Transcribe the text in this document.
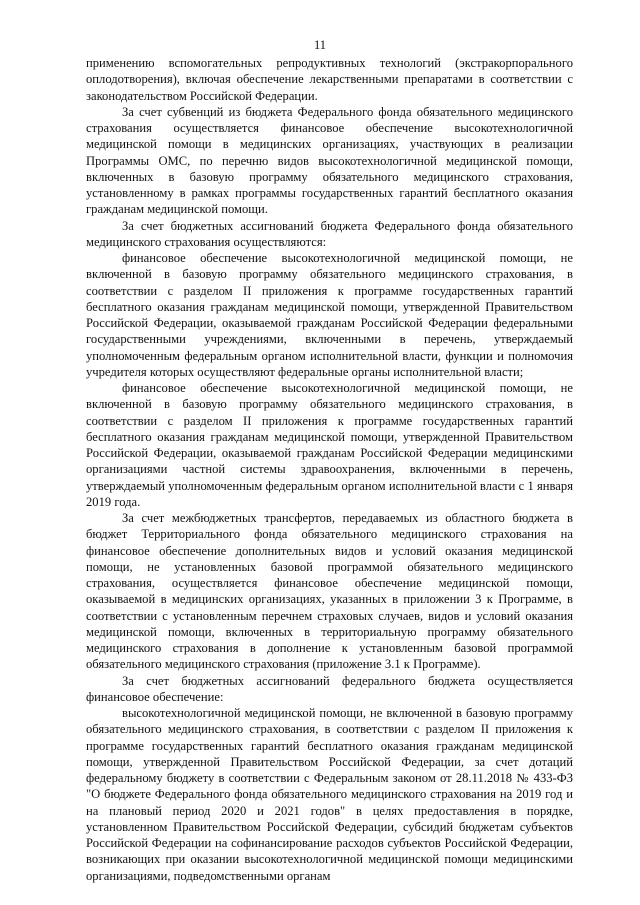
11

применению вспомогательных репродуктивных технологий (экстракорпорального оплодотворения), включая обеспечение лекарственными препаратами в соответствии с законодательством Российской Федерации.

За счет субвенций из бюджета Федерального фонда обязательного медицинского страхования осуществляется финансовое обеспечение высокотехнологичной медицинской помощи в медицинских организациях, участвующих в реализации Программы ОМС, по перечню видов высокотехнологичной медицинской помощи, включенных в базовую программу обязательного медицинского страхования, установленному в рамках программы государственных гарантий бесплатного оказания гражданам медицинской помощи.

За счет бюджетных ассигнований бюджета Федерального фонда обязательного медицинского страхования осуществляются:

финансовое обеспечение высокотехнологичной медицинской помощи, не включенной в базовую программу обязательного медицинского страхования, в соответствии с разделом II приложения к программе государственных гарантий бесплатного оказания гражданам медицинской помощи, утвержденной Правительством Российской Федерации, оказываемой гражданам Российской Федерации федеральными государственными учреждениями, включенными в перечень, утверждаемый уполномоченным федеральным органом исполнительной власти, функции и полномочия учредителя которых осуществляют федеральные органы исполнительной власти;

финансовое обеспечение высокотехнологичной медицинской помощи, не включенной в базовую программу обязательного медицинского страхования, в соответствии с разделом II приложения к программе государственных гарантий бесплатного оказания гражданам медицинской помощи, утвержденной Правительством Российской Федерации, оказываемой гражданам Российской Федерации медицинскими организациями частной системы здравоохранения, включенными в перечень, утверждаемый уполномоченным федеральным органом исполнительной власти с 1 января 2019 года.

За счет межбюджетных трансфертов, передаваемых из областного бюджета в бюджет Территориального фонда обязательного медицинского страхования на финансовое обеспечение дополнительных видов и условий оказания медицинской помощи, не установленных базовой программой обязательного медицинского страхования, осуществляется финансовое обеспечение медицинской помощи, оказываемой в медицинских организациях, указанных в приложении 3 к Программе, в соответствии с установленным перечнем страховых случаев, видов и условий оказания медицинской помощи, включенных в территориальную программу обязательного медицинского страхования в дополнение к установленным базовой программой обязательного медицинского страхования (приложение 3.1 к Программе).

За счет бюджетных ассигнований федерального бюджета осуществляется финансовое обеспечение:

высокотехнологичной медицинской помощи, не включенной в базовую программу обязательного медицинского страхования, в соответствии с разделом II приложения к программе государственных гарантий бесплатного оказания гражданам медицинской помощи, утвержденной Правительством Российской Федерации, за счет дотаций федеральному бюджету в соответствии с Федеральным законом от 28.11.2018 № 433-ФЗ "О бюджете Федерального фонда обязательного медицинского страхования на 2019 год и на плановый период 2020 и 2021 годов" в целях предоставления в порядке, установленном Правительством Российской Федерации, субсидий бюджетам субъектов Российской Федерации на софинансирование расходов субъектов Российской Федерации, возникающих при оказании высокотехнологичной медицинской помощи медицинскими организациями, подведомственными органам
